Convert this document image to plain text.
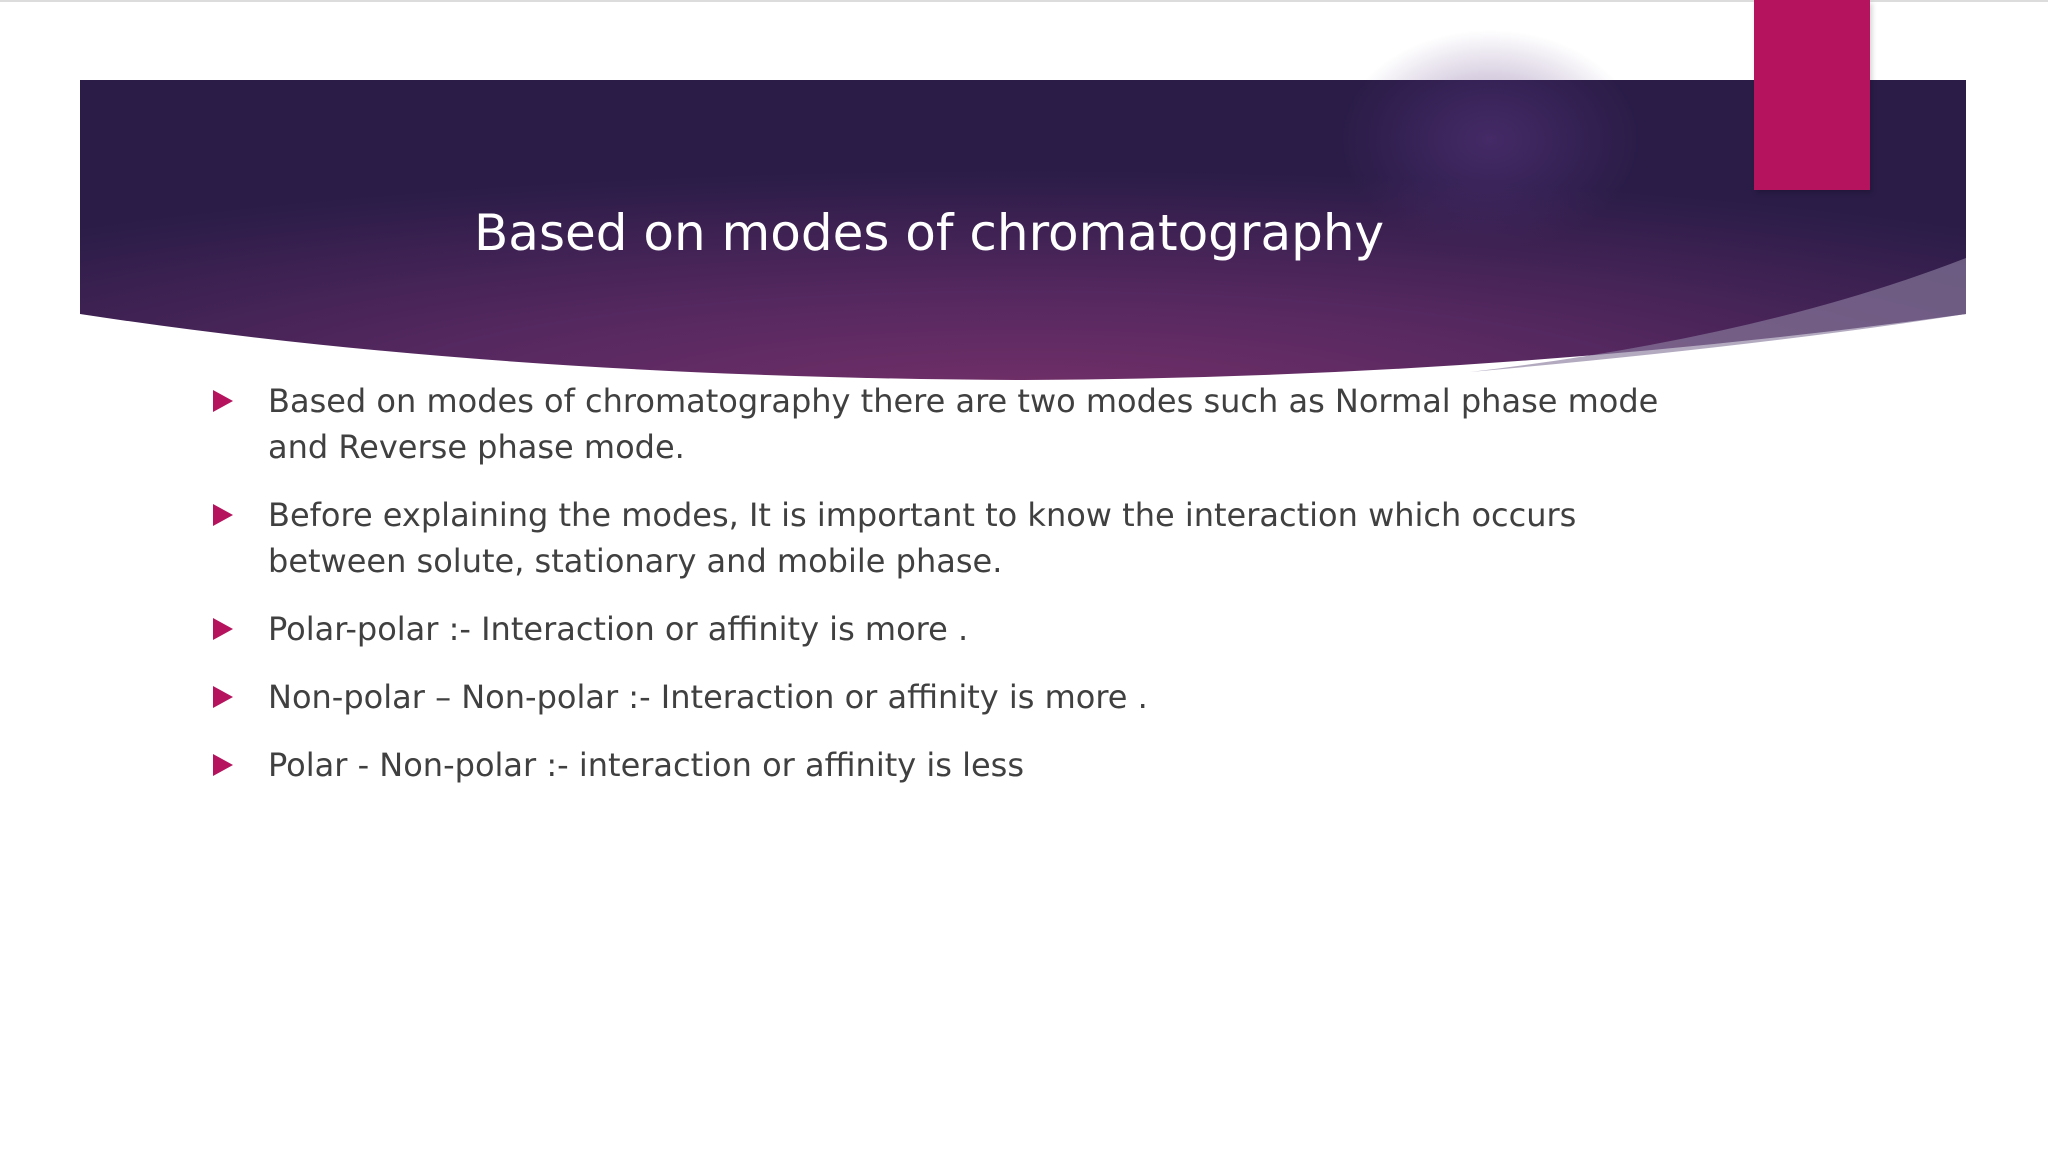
Based on modes of chromatography
Based on modes of chromatography there are two modes such as Normal phase mode and Reverse phase mode.
Before explaining the modes, It is important to know the interaction which occurs between solute, stationary and mobile phase.
Polar-polar :- Interaction or affinity is more .
Non-polar – Non-polar :- Interaction or affinity is more .
Polar - Non-polar :- interaction or affinity is less
